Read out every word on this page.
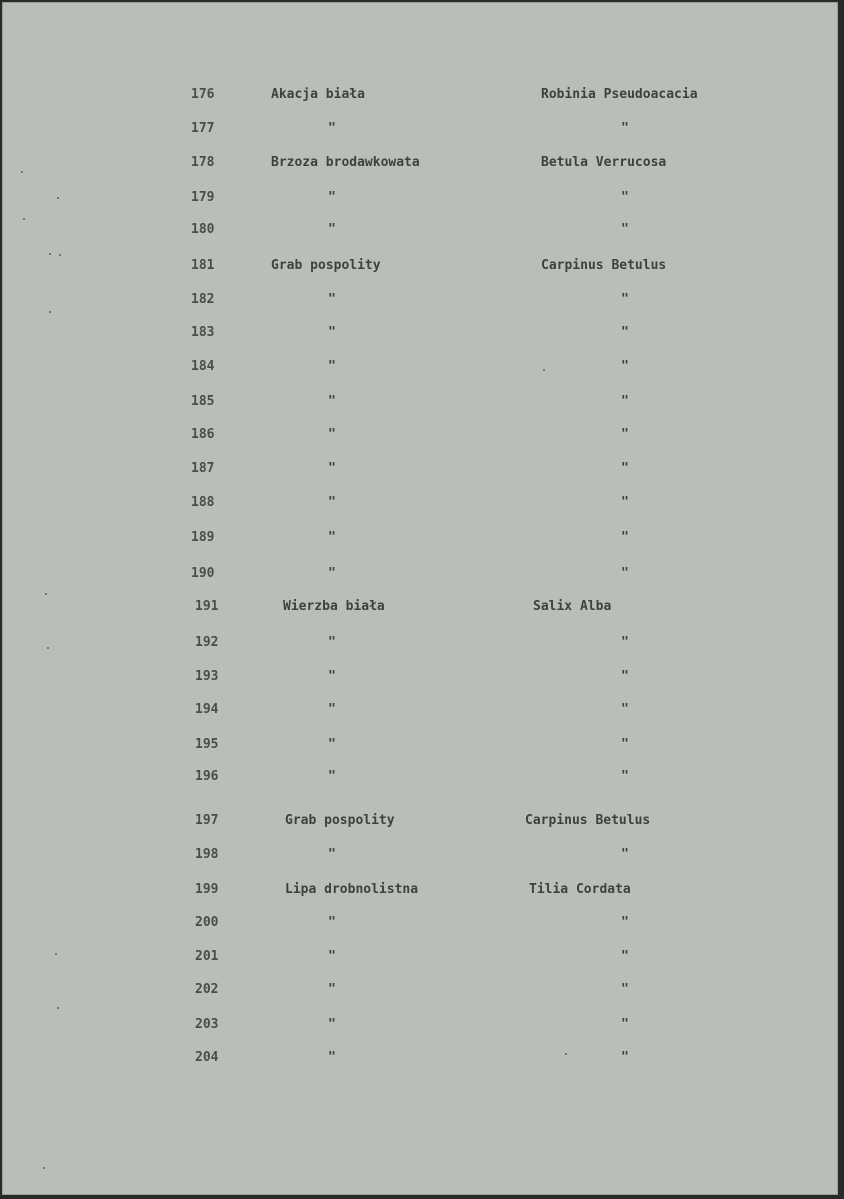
176	Akacja biała	Robinia Pseudoacacia
177	"	"
178	Brzoza brodawkowata	Betula Verrucosa
179	"	"
180	"	"
181	Grab pospolity	Carpinus Betulus
182	"	"
183	"	"
184	"	"
185	"	"
186	"	"
187	"	"
188	"	"
189	"	"
190	"	"
191	Wierzba biała	Salix Alba
192	"	"
193	"	"
194	"	"
195	"	"
196	"	"
197	Grab pospolity	Carpinus Betulus
198	"	"
199	Lipa drobnolistna	Tilia Cordata
200	"	"
201	"	"
202	"	"
203	"	"
204	"	"
